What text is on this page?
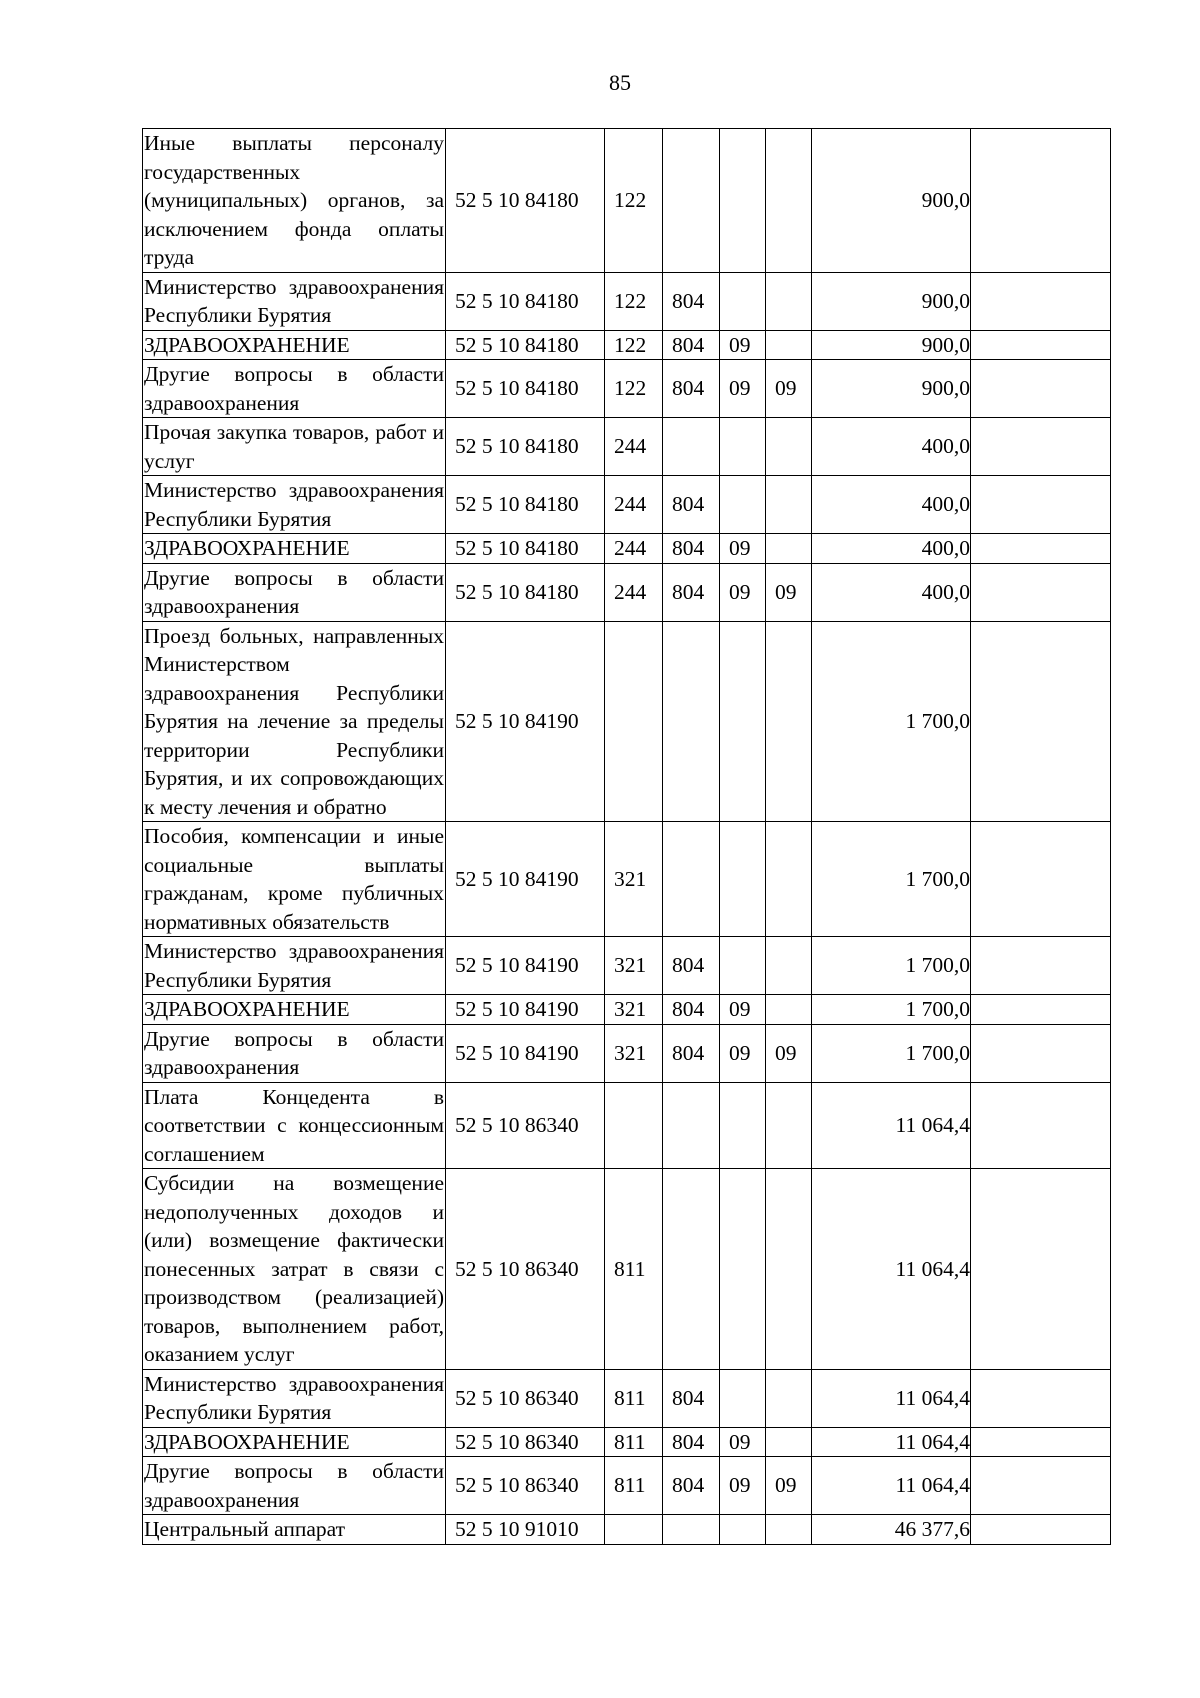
85
Иные выплаты персоналу государственных (муниципальных) органов, за исключением фонда оплаты труда	52 5 10 84180	122				900,0	
Министерство здравоохранения Республики Бурятия	52 5 10 84180	122	804			900,0	
ЗДРАВООХРАНЕНИЕ	52 5 10 84180	122	804	09		900,0	
Другие вопросы в области здравоохранения	52 5 10 84180	122	804	09	09	900,0	
Прочая закупка товаров, работ и услуг	52 5 10 84180	244				400,0	
Министерство здравоохранения Республики Бурятия	52 5 10 84180	244	804			400,0	
ЗДРАВООХРАНЕНИЕ	52 5 10 84180	244	804	09		400,0	
Другие вопросы в области здравоохранения	52 5 10 84180	244	804	09	09	400,0	
Проезд больных, направленных Министерством здравоохранения Республики Бурятия на лечение за пределы территории Республики Бурятия, и их сопровождающих к месту лечения и обратно	52 5 10 84190					1 700,0	
Пособия, компенсации и иные социальные выплаты гражданам, кроме публичных нормативных обязательств	52 5 10 84190	321				1 700,0	
Министерство здравоохранения Республики Бурятия	52 5 10 84190	321	804			1 700,0	
ЗДРАВООХРАНЕНИЕ	52 5 10 84190	321	804	09		1 700,0	
Другие вопросы в области здравоохранения	52 5 10 84190	321	804	09	09	1 700,0	
Плата Концедента в соответствии с концессионным соглашением	52 5 10 86340					11 064,4	
Субсидии на возмещение недополученных доходов и (или) возмещение фактически понесенных затрат в связи с производством (реализацией) товаров, выполнением работ, оказанием услуг	52 5 10 86340	811				11 064,4	
Министерство здравоохранения Республики Бурятия	52 5 10 86340	811	804			11 064,4	
ЗДРАВООХРАНЕНИЕ	52 5 10 86340	811	804	09		11 064,4	
Другие вопросы в области здравоохранения	52 5 10 86340	811	804	09	09	11 064,4	
Центральный аппарат	52 5 10 91010					46 377,6	
